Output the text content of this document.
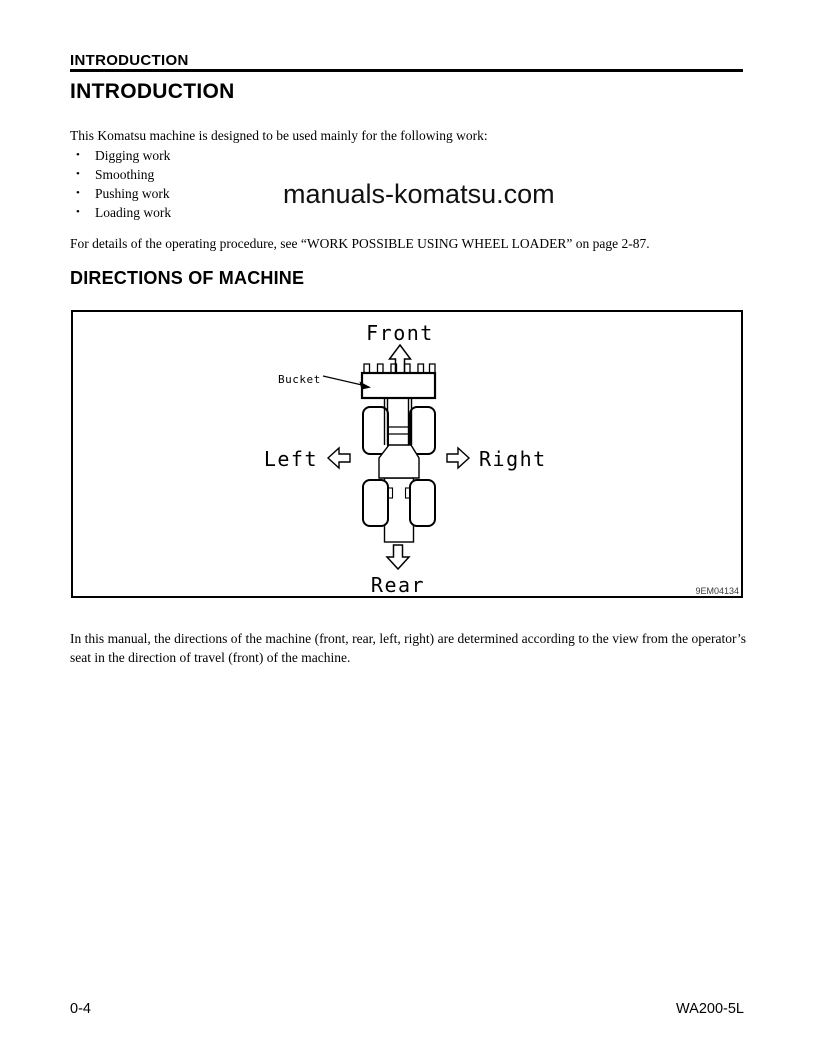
INTRODUCTION
INTRODUCTION
This Komatsu machine is designed to be used mainly for the following work:
•	Digging work
•	Smoothing
•	Pushing work
•	Loading work
manuals-komatsu.com
For details of the operating procedure, see “WORK POSSIBLE USING WHEEL LOADER” on page 2-87.
DIRECTIONS OF MACHINE
Front
Bucket
Rear
Left	Right
9EM04134
In this manual, the directions of the machine (front, rear, left, right) are determined according to the view from the operator’s seat in the direction of travel (front) of the machine.
0-4	WA200-5L
